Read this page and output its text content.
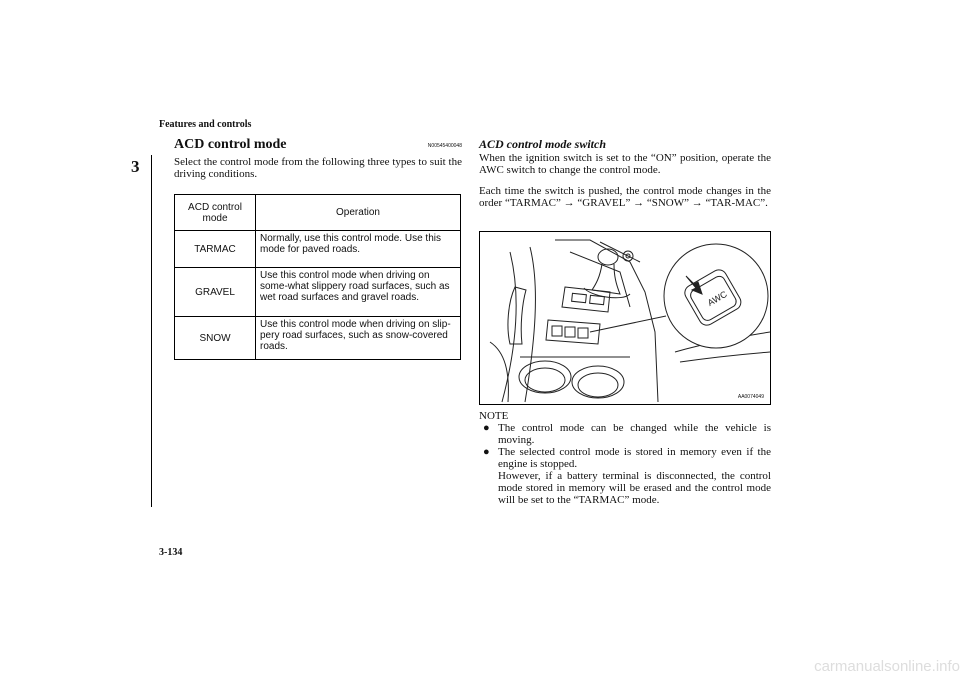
Features and controls
3
ACD control mode	N00545400048
Select the control mode from the following three types to suit the driving conditions.
ACD control mode	Operation
TARMAC	Normally, use this control mode. Use this mode for paved roads.
GRAVEL	Use this control mode when driving on some-what slippery road surfaces, such as wet road surfaces and gravel roads.
SNOW	Use this control mode when driving on slip-pery road surfaces, such as snow-covered roads.
ACD control mode switch
When the ignition switch is set to the “ON” position, operate the AWC switch to change the control mode.
Each time the switch is pushed, the control mode changes in the order “TARMAC” → “GRAVEL” → “SNOW” → “TAR-MAC”.
AWC
AA0074049
NOTE
● The control mode can be changed while the vehicle is moving.
● The selected control mode is stored in memory even if the engine is stopped.
However, if a battery terminal is disconnected, the control mode stored in memory will be erased and the control mode will be set to the “TARMAC” mode.
3-134
carmanualsonline.info
